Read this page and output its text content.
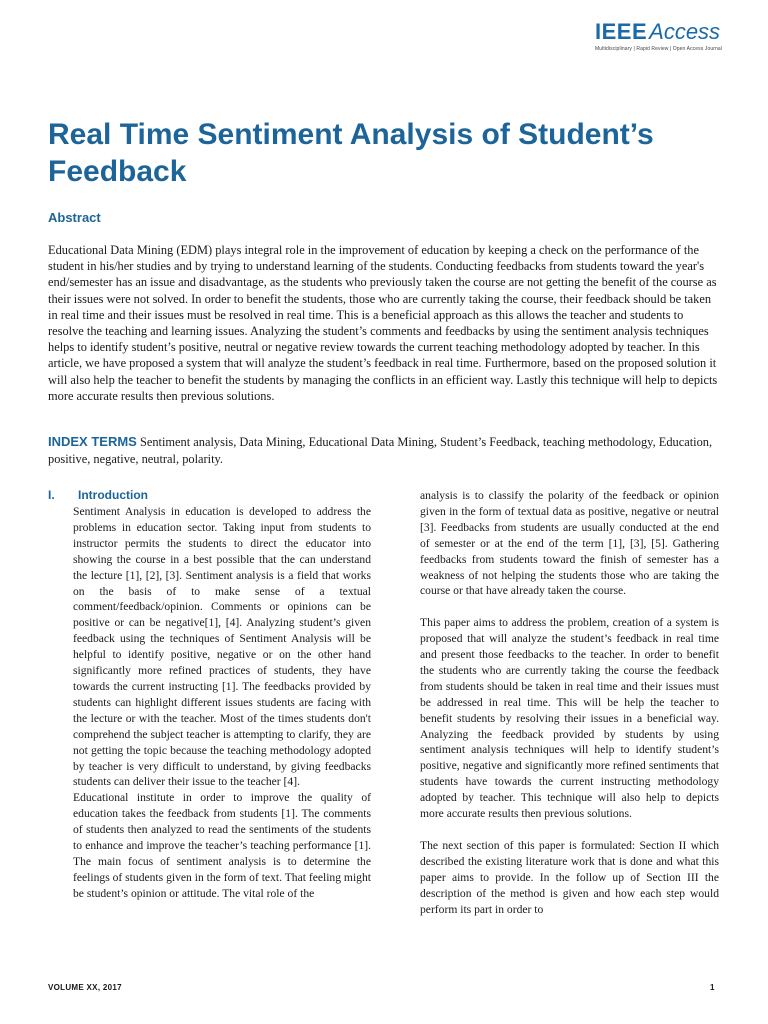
IEEEAccess
Multidisciplinary | Rapid Review | Open Access Journal
Real Time Sentiment Analysis of Student’s Feedback
Abstract

Educational Data Mining (EDM) plays integral role in the improvement of education by keeping a check on the performance of the student in his/her studies and by trying to understand learning of the students. Conducting feedbacks from students toward the year's end/semester has an issue and disadvantage, as the students who previously taken the course are not getting the benefit of the course as their issues were not solved. In order to benefit the students, those who are currently taking the course, their feedback should be taken in real time and their issues must be resolved in real time. This is a beneficial approach as this allows the teacher and students to resolve the teaching and learning issues. Analyzing the student’s comments and feedbacks by using the sentiment analysis techniques helps to identify student’s positive, neutral or negative review towards the current teaching methodology adopted by teacher. In this article, we have proposed a system that will analyze the student’s feedback in real time. Furthermore, based on the proposed solution it will also help the teacher to benefit the students by managing the conflicts in an efficient way. Lastly this technique will help to depicts more accurate results then previous solutions.

INDEX TERMS Sentiment analysis, Data Mining, Educational Data Mining, Student’s Feedback, teaching methodology, Education, positive, negative, neutral, polarity.

I. Introduction

Sentiment Analysis in education is developed to address the problems in education sector. Taking input from students to instructor permits the students to direct the educator into showing the course in a best possible that the can understand the lecture [1], [2], [3]. Sentiment analysis is a field that works on the basis of to make sense of a textual comment/feedback/opinion. Comments or opinions can be positive or can be negative[1], [4]. Analyzing student’s given feedback using the techniques of Sentiment Analysis will be helpful to identify positive, negative or on the other hand significantly more refined practices of students, they have towards the current instructing [1]. The feedbacks provided by students can highlight different issues students are facing with the lecture or with the teacher. Most of the times students don't comprehend the subject teacher is attempting to clarify, they are not getting the topic because the teaching methodology adopted by teacher is very difficult to understand, by giving feedbacks students can deliver their issue to the teacher [4].

Educational institute in order to improve the quality of education takes the feedback from students [1]. The comments of students then analyzed to read the sentiments of the students to enhance and improve the teacher’s teaching performance [1]. The main focus of sentiment analysis is to determine the feelings of students given in the form of text. That feeling might be student’s opinion or attitude. The vital role of the

analysis is to classify the polarity of the feedback or opinion given in the form of textual data as positive, negative or neutral [3]. Feedbacks from students are usually conducted at the end of semester or at the end of the term [1], [3], [5]. Gathering feedbacks from students toward the finish of semester has a weakness of not helping the students those who are taking the course or that have already taken the course.

This paper aims to address the problem, creation of a system is proposed that will analyze the student’s feedback in real time and present those feedbacks to the teacher. In order to benefit the students who are currently taking the course the feedback from students should be taken in real time and their issues must be addressed in real time. This will be help the teacher to benefit students by resolving their issues in a beneficial way. Analyzing the feedback provided by students by using sentiment analysis techniques will help to identify student’s positive, negative and significantly more refined sentiments that students have towards the current instructing methodology adopted by teacher. This technique will also help to depicts more accurate results then previous solutions.

The next section of this paper is formulated: Section II which described the existing literature work that is done and what this paper aims to provide. In the follow up of Section III the description of the method is given and how each step would perform its part in order to

VOLUME XX, 2017	1
